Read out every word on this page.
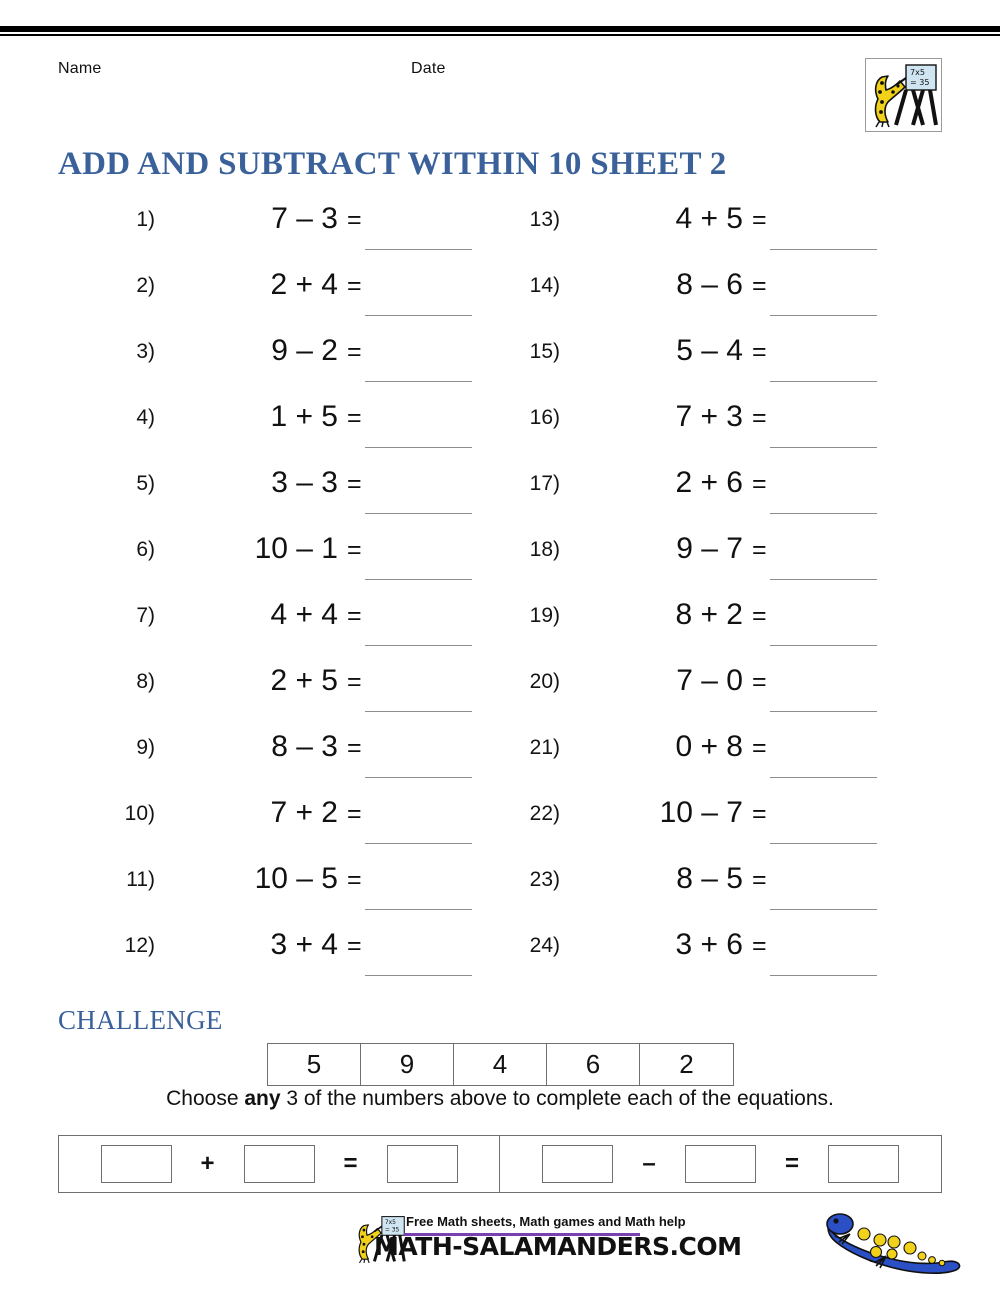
Name	Date	7x5
= 35
ADD AND SUBTRACT WITHIN 10 SHEET 2
1)	7 – 3 =
2)	2 + 4 =
3)	9 – 2 =
4)	1 + 5 =
5)	3 – 3 =
6)	10 – 1 =
7)	4 + 4 =
8)	2 + 5 =
9)	8 – 3 =
10)	7 + 2 =
11)	10 – 5 =
12)	3 + 4 =
13)	4 + 5 =
14)	8 – 6 =
15)	5 – 4 =
16)	7 + 3 =
17)	2 + 6 =
18)	9 – 7 =
19)	8 + 2 =
20)	7 – 0 =
21)	0 + 8 =
22)	10 – 7 =
23)	8 – 5 =
24)	3 + 6 =
CHALLENGE
5	9	4	6	2
Choose any 3 of the numbers above to complete each of the equations.
+	=	–	=
7x5
= 35
Free Math sheets, Math games and Math help
MATH-SALAMANDERS.COM
